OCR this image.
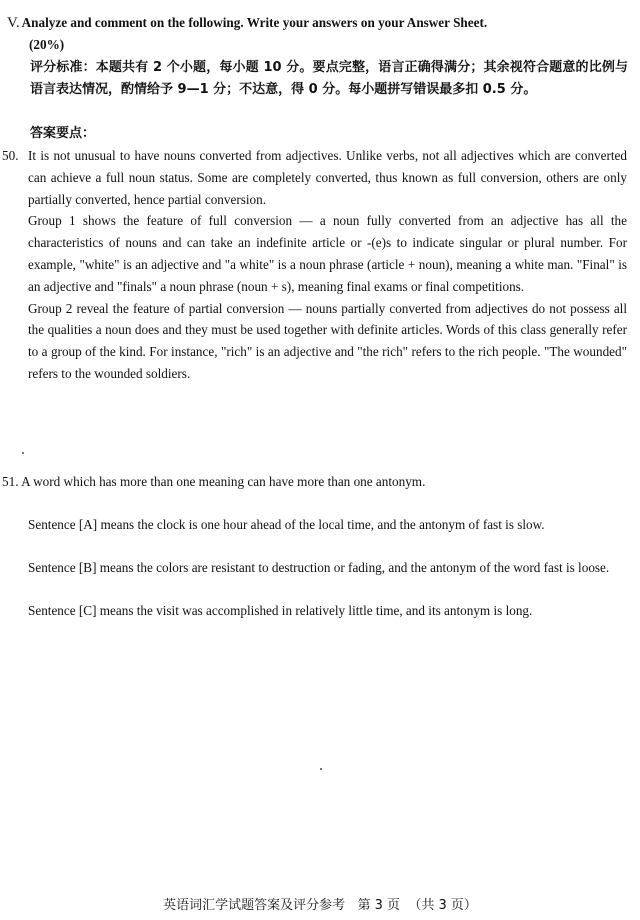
V. Analyze and comment on the following. Write your answers on your Answer Sheet.
(20%)
评分标准：本题共有 2 个小题，每小题 10 分。要点完整，语言正确得满分；其余视符合题意的比例与语言表达情况，酌情给予 9—1 分；不达意，得 0 分。每小题拼写错误最多扣 0.5 分。
答案要点：
50. It is not unusual to have nouns converted from adjectives. Unlike verbs, not all adjectives which are converted can achieve a full noun status. Some are completely converted, thus known as full conversion, others are only partially converted, hence partial conversion.

Group 1 shows the feature of full conversion — a noun fully converted from an adjective has all the characteristics of nouns and can take an indefinite article or -(e)s to indicate singular or plural number. For example, "white" is an adjective and "a white" is a noun phrase (article + noun), meaning a white man. "Final" is an adjective and "finals" a noun phrase (noun + s), meaning final exams or final competitions.

Group 2 reveal the feature of partial conversion — nouns partially converted from adjectives do not possess all the qualities a noun does and they must be used together with definite articles. Words of this class generally refer to a group of the kind. For instance, "rich" is an adjective and "the rich" refers to the rich people. "The wounded" refers to the wounded soldiers.

51. A word which has more than one meaning can have more than one antonym.
Sentence [A] means the clock is one hour ahead of the local time, and the antonym of fast is slow.
Sentence [B] means the colors are resistant to destruction or fading, and the antonym of the word fast is loose.
Sentence [C] means the visit was accomplished in relatively little time, and its antonym is long.
英语词汇学试题答案及评分参考   第 3 页  （共 3 页）
